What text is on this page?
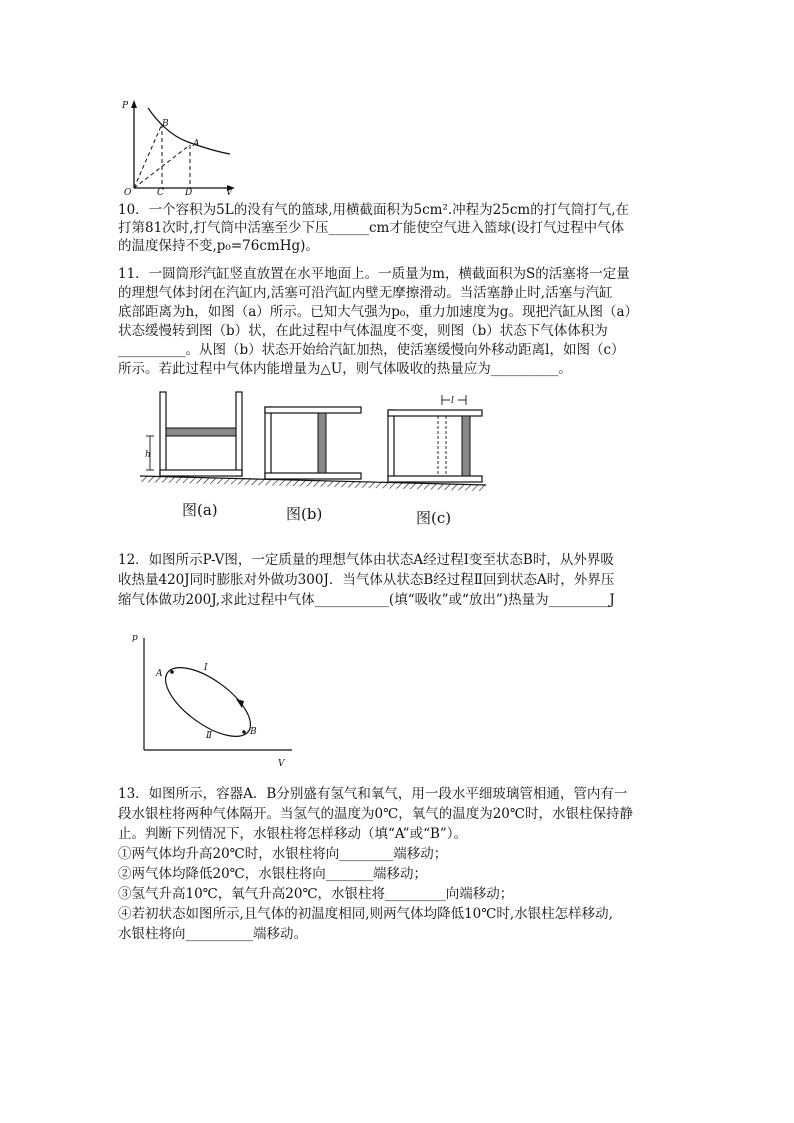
P
V
O
B
A
C D
10．一个容积为5L的没有气的篮球,用横截面积为5cm².冲程为25cm的打气筒打气,在
打第81次时,打气筒中活塞至少下压______cm才能使空气进入篮球(设打气过程中气体
的温度保持不变,p₀=76cmHg)。
11．一圆筒形汽缸竖直放置在水平地面上。一质量为m，横截面积为S的活塞将一定量
的理想气体封闭在汽缸内,活塞可沿汽缸内壁无摩擦滑动。当活塞静止时,活塞与汽缸
底部距离为h，如图（a）所示。已知大气强为p₀，重力加速度为g。现把汽缸从图（a）
状态缓慢转到图（b）状，在此过程中气体温度不变，则图（b）状态下气体体积为
__________。从图（b）状态开始给汽缸加热，使活塞缓慢向外移动距离l，如图（c）
所示。若此过程中气体内能增量为△U，则气体吸收的热量应为__________。
h
l
图(a)	图(b)	图(c)
12．如图所示P-V图，一定质量的理想气体由状态A经过程Ⅰ变至状态B时，从外界吸
收热量420J同时膨胀对外做功300J．当气体从状态B经过程Ⅱ回到状态A时，外界压
缩气体做功200J,求此过程中气体___________(填“吸收”或“放出”)热量为_________J
p
V
A
B
Ⅰ
Ⅱ
13．如图所示，容器A．B分别盛有氢气和氧气，用一段水平细玻璃管相通，管内有一
段水银柱将两种气体隔开。当氢气的温度为0℃，氧气的温度为20℃时，水银柱保持静
止。判断下列情况下，水银柱将怎样移动（填“A”或“B”）。
①两气体均升高20℃时，水银柱将向________端移动；
②两气体均降低20℃，水银柱将向_______端移动；
③氢气升高10℃，氧气升高20℃，水银柱将_________向端移动；
④若初状态如图所示,且气体的初温度相同,则两气体均降低10℃时,水银柱怎样移动,
水银柱将向__________端移动。
